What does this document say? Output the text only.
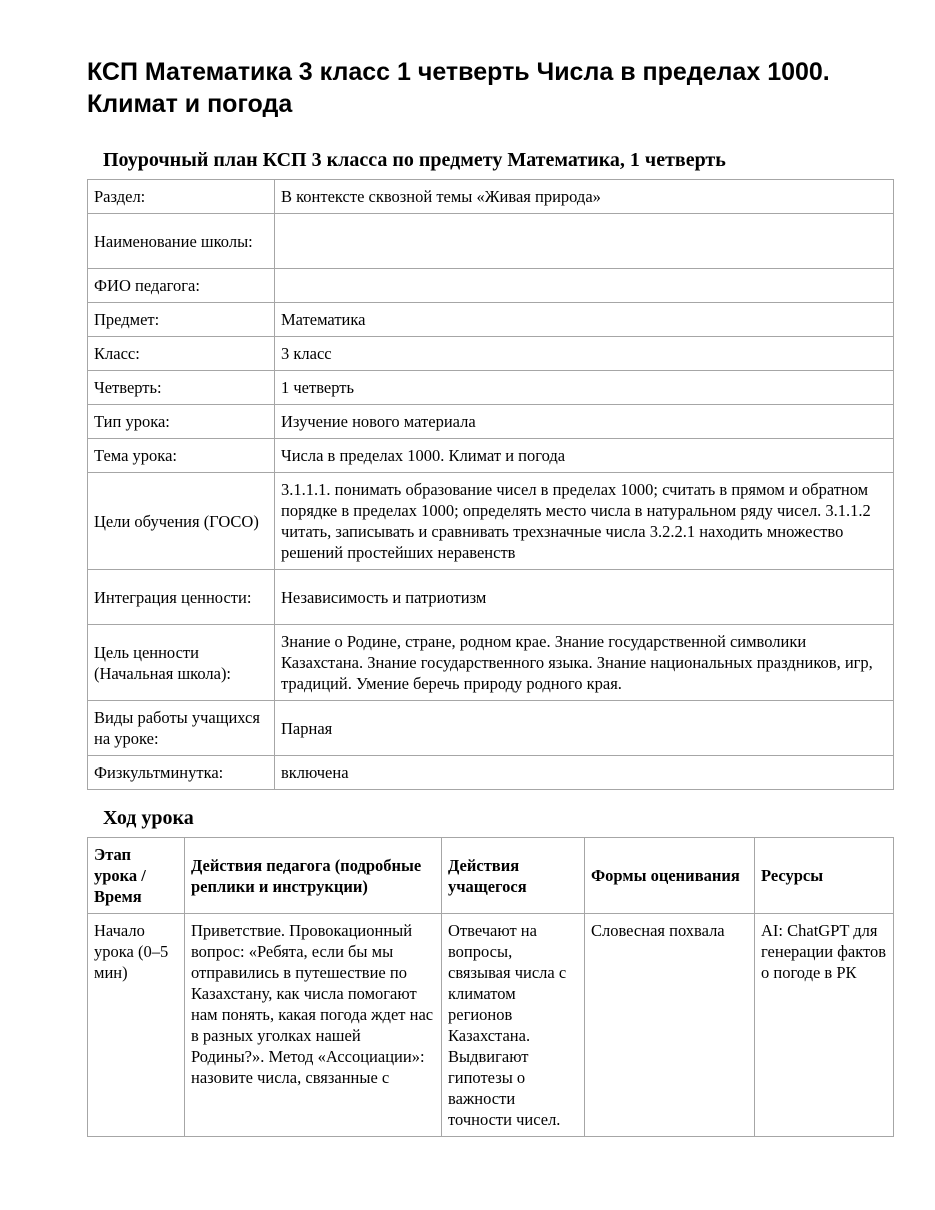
КСП Математика 3 класс 1 четверть Числа в пределах 1000. Климат и погода
Поурочный план КСП 3 класса по предмету Математика, 1 четверть
Раздел:	В контексте сквозной темы «Живая природа»
Наименование школы:	
ФИО педагога:	
Предмет:	Математика
Класс:	3 класс
Четверть:	1 четверть
Тип урока:	Изучение нового материала
Тема урока:	Числа в пределах 1000. Климат и погода
Цели обучения (ГОСО)	3.1.1.1. понимать образование чисел в пределах 1000; считать в прямом и обратном порядке в пределах 1000; определять место числа в натуральном ряду чисел. 3.1.1.2 читать, записывать и сравнивать трехзначные числа 3.2.2.1 находить множество решений простейших неравенств
Интеграция ценности:	Независимость и патриотизм
Цель ценности (Начальная школа):	Знание о Родине, стране, родном крае. Знание государственной символики Казахстана. Знание государственного языка. Знание национальных праздников, игр, традиций. Умение беречь природу родного края.
Виды работы учащихся на уроке:	Парная
Физкультминутка:	включена
Ход урока
Этап урока / Время	Действия педагога (подробные реплики и инструкции)	Действия учащегося	Формы оценивания	Ресурсы
Начало урока (0–5 мин)	Приветствие. Провокационный вопрос: «Ребята, если бы мы отправились в путешествие по Казахстану, как числа помогают нам понять, какая погода ждет нас в разных уголках нашей Родины?». Метод «Ассоциации»: назовите числа, связанные с	Отвечают на вопросы, связывая числа с климатом регионов Казахстана. Выдвигают гипотезы о важности точности чисел.	Словесная похвала	AI: ChatGPT для генерации фактов о погоде в РК
